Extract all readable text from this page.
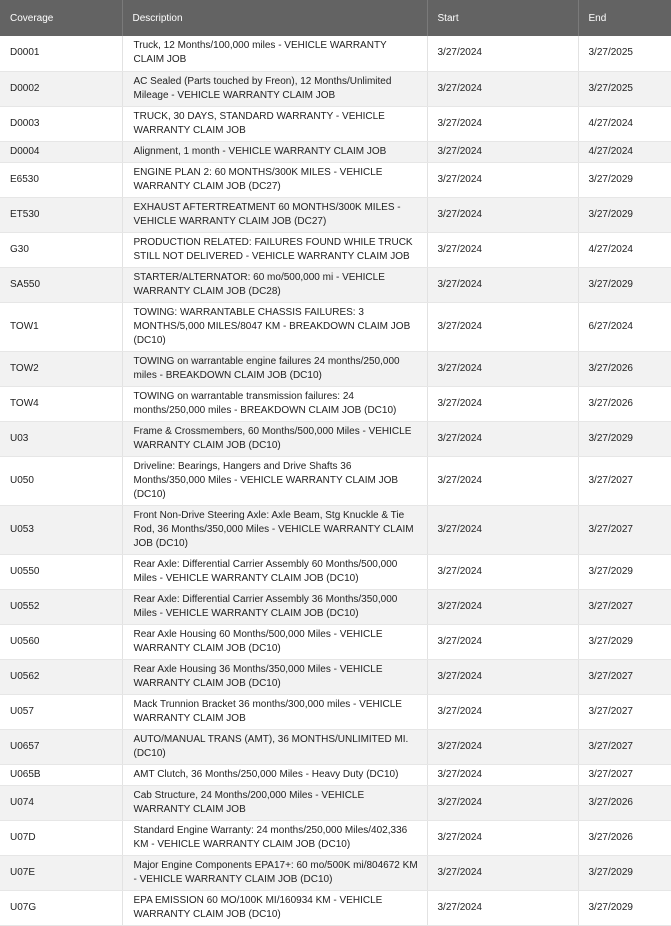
Coverage	Description	Start	End
D0001	Truck, 12 Months/100,000 miles - VEHICLE WARRANTY CLAIM JOB	3/27/2024	3/27/2025
D0002	AC Sealed (Parts touched by Freon), 12 Months/Unlimited Mileage - VEHICLE WARRANTY CLAIM JOB	3/27/2024	3/27/2025
D0003	TRUCK, 30 DAYS, STANDARD WARRANTY - VEHICLE WARRANTY CLAIM JOB	3/27/2024	4/27/2024
D0004	Alignment, 1 month - VEHICLE WARRANTY CLAIM JOB	3/27/2024	4/27/2024
E6530	ENGINE PLAN 2: 60 MONTHS/300K MILES - VEHICLE WARRANTY CLAIM JOB (DC27)	3/27/2024	3/27/2029
ET530	EXHAUST AFTERTREATMENT 60 MONTHS/300K MILES - VEHICLE WARRANTY CLAIM JOB (DC27)	3/27/2024	3/27/2029
G30	PRODUCTION RELATED: FAILURES FOUND WHILE TRUCK STILL NOT DELIVERED - VEHICLE WARRANTY CLAIM JOB	3/27/2024	4/27/2024
SA550	STARTER/ALTERNATOR: 60 mo/500,000 mi - VEHICLE WARRANTY CLAIM JOB (DC28)	3/27/2024	3/27/2029
TOW1	TOWING: WARRANTABLE CHASSIS FAILURES: 3 MONTHS/5,000 MILES/8047 KM - BREAKDOWN CLAIM JOB (DC10)	3/27/2024	6/27/2024
TOW2	TOWING on warrantable engine failures 24 months/250,000 miles - BREAKDOWN CLAIM JOB (DC10)	3/27/2024	3/27/2026
TOW4	TOWING on warrantable transmission failures: 24 months/250,000 miles - BREAKDOWN CLAIM JOB (DC10)	3/27/2024	3/27/2026
U03	Frame & Crossmembers, 60 Months/500,000 Miles - VEHICLE WARRANTY CLAIM JOB (DC10)	3/27/2024	3/27/2029
U050	Driveline: Bearings, Hangers and Drive Shafts 36 Months/350,000 Miles - VEHICLE WARRANTY CLAIM JOB (DC10)	3/27/2024	3/27/2027
U053	Front Non-Drive Steering Axle: Axle Beam, Stg Knuckle & Tie Rod, 36 Months/350,000 Miles - VEHICLE WARRANTY CLAIM JOB (DC10)	3/27/2024	3/27/2027
U0550	Rear Axle: Differential Carrier Assembly 60 Months/500,000 Miles - VEHICLE WARRANTY CLAIM JOB (DC10)	3/27/2024	3/27/2029
U0552	Rear Axle: Differential Carrier Assembly 36 Months/350,000 Miles - VEHICLE WARRANTY CLAIM JOB (DC10)	3/27/2024	3/27/2027
U0560	Rear Axle Housing 60 Months/500,000 Miles - VEHICLE WARRANTY CLAIM JOB (DC10)	3/27/2024	3/27/2029
U0562	Rear Axle Housing 36 Months/350,000 Miles - VEHICLE WARRANTY CLAIM JOB (DC10)	3/27/2024	3/27/2027
U057	Mack Trunnion Bracket 36 months/300,000 miles - VEHICLE WARRANTY CLAIM JOB	3/27/2024	3/27/2027
U0657	AUTO/MANUAL TRANS (AMT), 36 MONTHS/UNLIMITED MI. (DC10)	3/27/2024	3/27/2027
U065B	AMT Clutch, 36 Months/250,000 Miles - Heavy Duty (DC10)	3/27/2024	3/27/2027
U074	Cab Structure, 24 Months/200,000 Miles - VEHICLE WARRANTY CLAIM JOB	3/27/2024	3/27/2026
U07D	Standard Engine Warranty: 24 months/250,000 Miles/402,336 KM - VEHICLE WARRANTY CLAIM JOB (DC10)	3/27/2024	3/27/2026
U07E	Major Engine Components EPA17+: 60 mo/500K mi/804672 KM - VEHICLE WARRANTY CLAIM JOB (DC10)	3/27/2024	3/27/2029
U07G	EPA EMISSION 60 MO/100K MI/160934 KM - VEHICLE WARRANTY CLAIM JOB (DC10)	3/27/2024	3/27/2029
